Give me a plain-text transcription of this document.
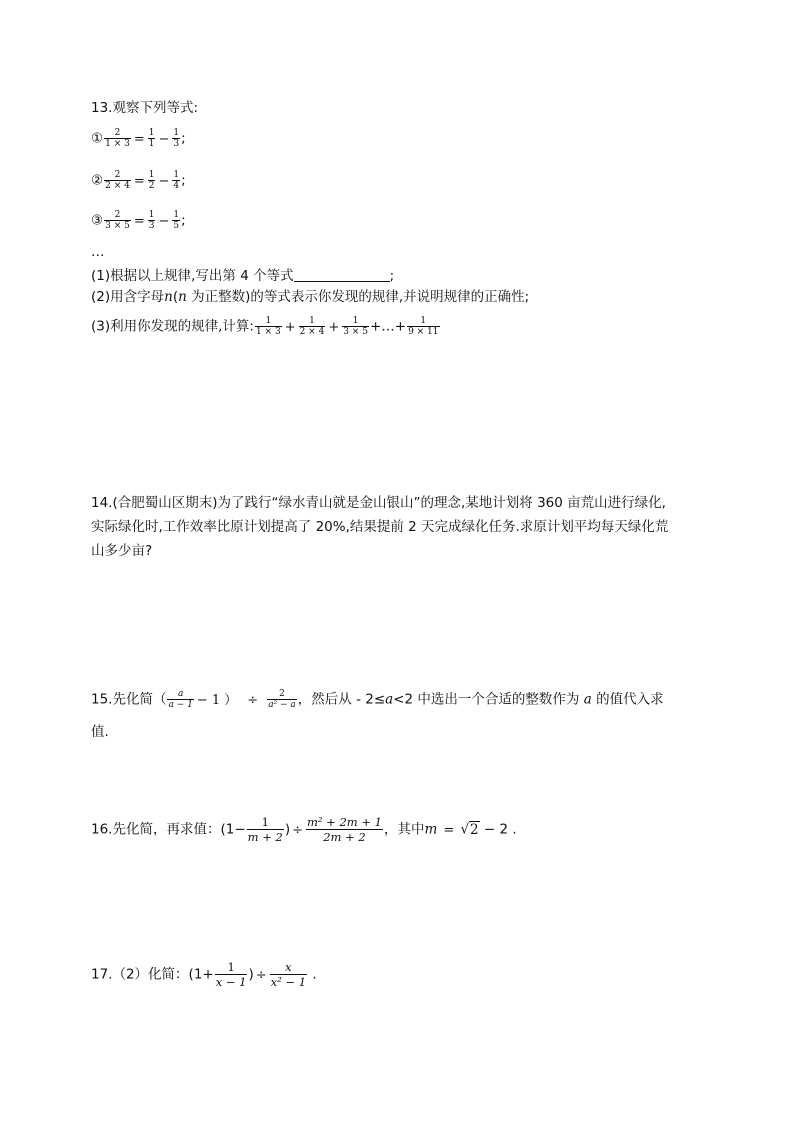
13.观察下列等式:
① $\frac{2}{1 \times 3} = \frac{1}{1} - \frac{1}{3}$ ;
② $\frac{2}{2 \times 4} = \frac{1}{2} - \frac{1}{4}$ ;
③ $\frac{2}{3 \times 5} = \frac{1}{3} - \frac{1}{5}$ ;
…
(1)根据以上规律,写出第 4 个等式	;
(2)用含字母n(n 为正整数)的等式表示你发现的规律,并说明规律的正确性;
(3)利用你发现的规律,计算: $\frac{1}{1 \times 3} + \frac{1}{2 \times 4} + \frac{1}{3 \times 5}$ +…+ $\frac{1}{9 \times 11}$
14.(合肥蜀山区期末)为了践行“绿水青山就是金山银山”的理念,某地计划将 360 亩荒山进行绿化,
实际绿化时,工作效率比原计划提高了 20%,结果提前 2 天完成绿化任务.求原计划平均每天绿化荒
山多少亩?
15.先化简（ $\frac{a}{a - 1} - 1$ ） ÷ $\frac{2}{\text{a² − a}}$ ，然后从 - 2≤a<2 中选出一个合适的整数作为 a 的值代入求
值.
16.先化简，再求值：($1- \frac{1}{m + 2}$ ) ÷ $\frac{\text{m² + 2m + 1}}{2m + 2}$ ，其中m = √2 − 2 .
17.（2）化简：($1+ \frac{1}{x - 1}$ ) ÷ $\frac{x}{\text{x² − 1}}$ .
